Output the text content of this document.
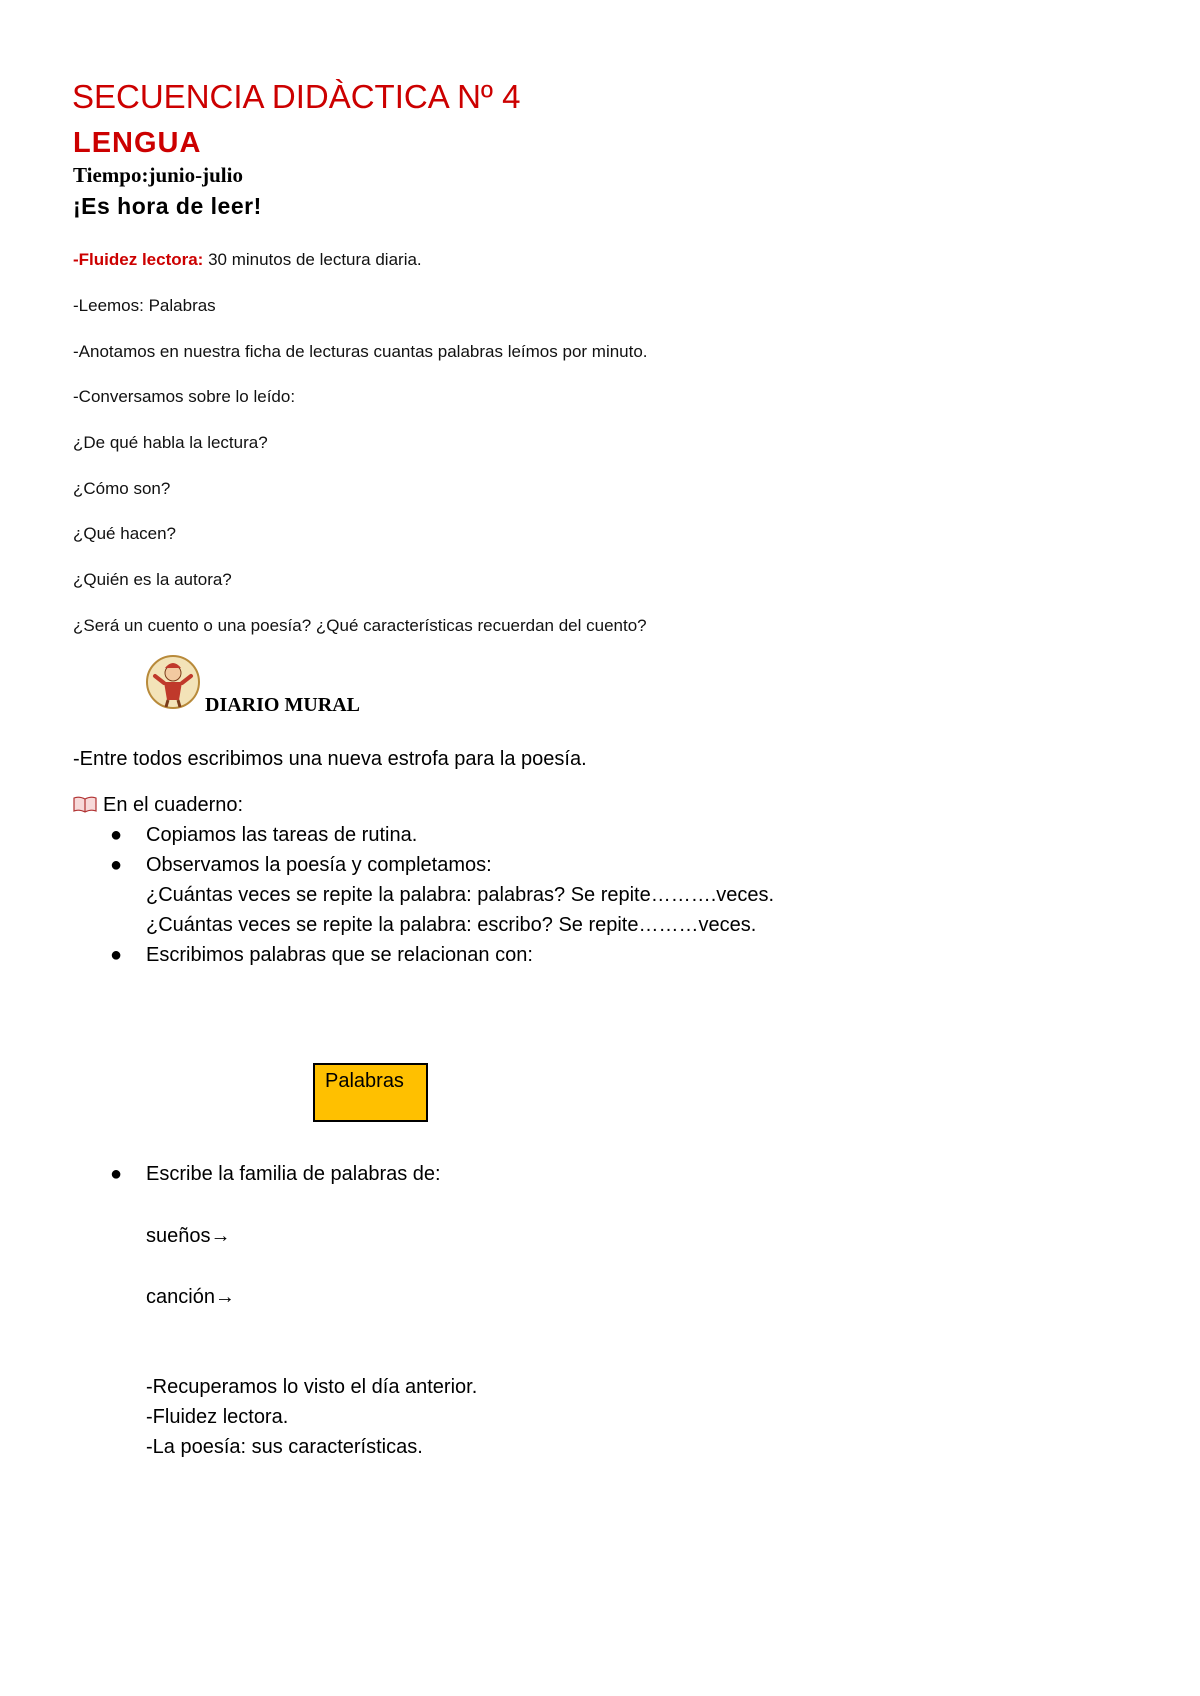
SECUENCIA DIDÀCTICA Nº 4
LENGUA
Tiempo:junio-julio
¡Es hora de leer!
-Fluidez lectora: 30 minutos de lectura diaria.
-Leemos: Palabras
-Anotamos en nuestra ficha de lecturas cuantas palabras leímos por minuto.
-Conversamos sobre lo leído:
¿De qué habla la lectura?
¿Cómo son?
¿Qué hacen?
¿Quién es la autora?
¿Será un cuento o una poesía? ¿Qué características recuerdan del cuento?
DIARIO MURAL
-Entre todos escribimos una nueva estrofa para la poesía.
En el cuaderno:
● Copiamos las tareas de rutina.
● Observamos la poesía y completamos:
¿Cuántas veces se repite la palabra: palabras? Se repite……….veces.
¿Cuántas veces se repite la palabra: escribo? Se repite………veces.
● Escribimos palabras que se relacionan con:
Palabras
● Escribe la familia de palabras de:
sueños→
canción→
-Recuperamos lo visto el día anterior.
-Fluidez lectora.
-La poesía: sus características.
